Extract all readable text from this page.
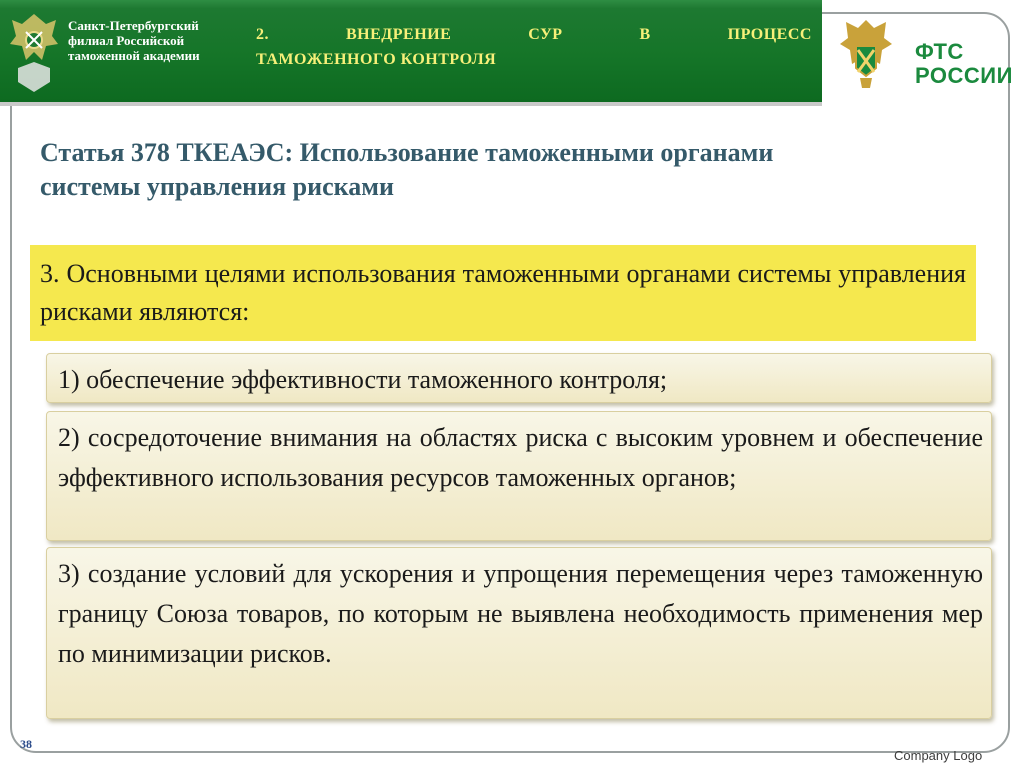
Санкт-Петербургский
филиал Российской
таможенной академии
2.	ВНЕДРЕНИЕ	СУР	В	ПРОЦЕСС
ТАМОЖЕННОГО КОНТРОЛЯ	ФТС
РОССИИ
Статья 378 ТКЕАЭС: Использование таможенными органами системы управления рисками

3. Основными целями использования таможенными органами системы управления рисками являются:

1) обеспечение эффективности таможенного контроля;

2) сосредоточение внимания на областях риска с высоким уровнем и обеспечение эффективного использования ресурсов таможенных органов;

3) создание условий для ускорения и упрощения перемещения через таможенную границу Союза товаров, по которым не выявлена необходимость применения мер по минимизации рисков.

38
Company Logo
